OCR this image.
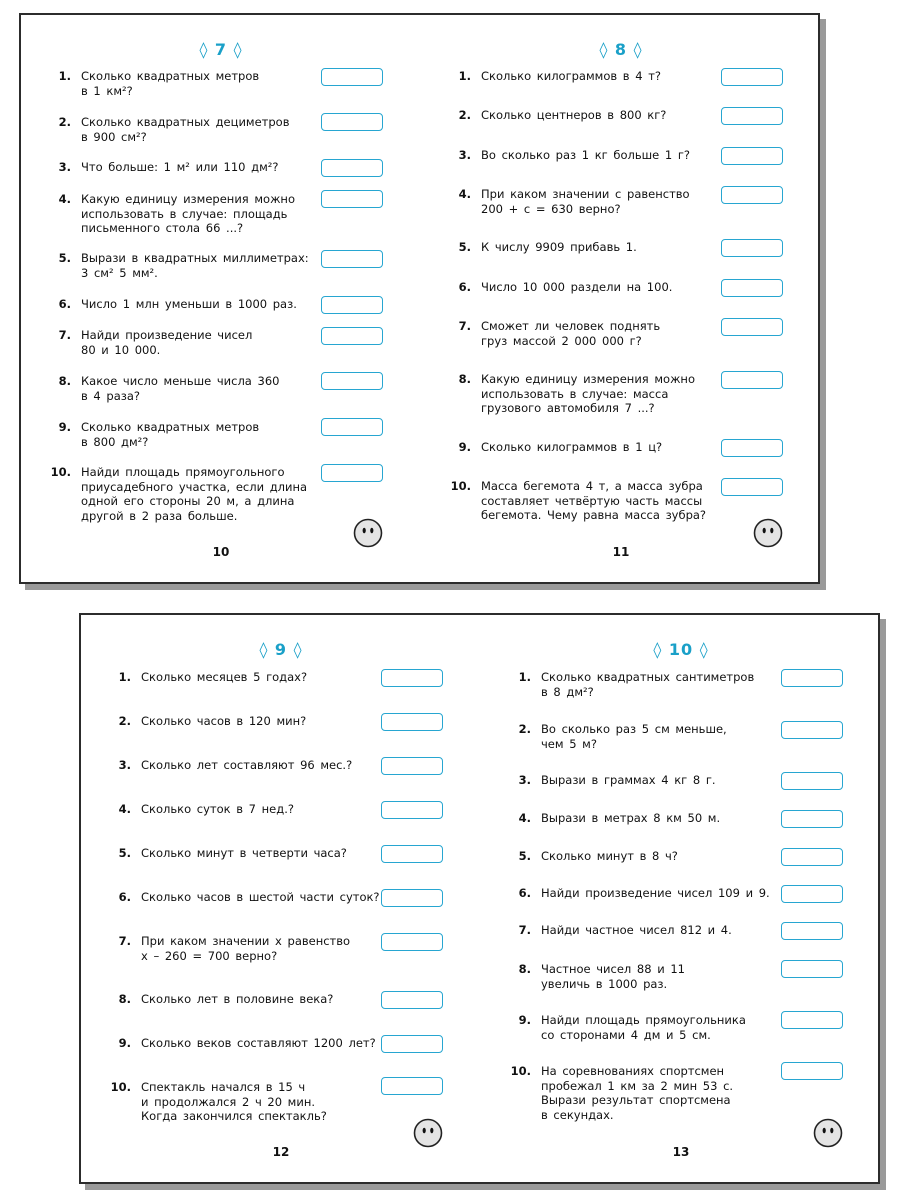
◊ 7 ◊
1. Сколько квадратных метров
в 1 км²?
2. Сколько квадратных дециметров
в 900 см²?
3. Что больше: 1 м² или 110 дм²?
4. Какую единицу измерения можно
использовать в случае: площадь
письменного стола 66 ...?
5. Вырази в квадратных миллиметрах:
3 см² 5 мм².
6. Число 1 млн уменьши в 1000 раз.
7. Найди произведение чисел
80 и 10 000.
8. Какое число меньше числа 360
в 4 раза?
9. Сколько квадратных метров
в 800 дм²?
10. Найди площадь прямоугольного
приусадебного участка, если длина
одной его стороны 20 м, а длина
другой в 2 раза больше.
10
◊ 8 ◊
1. Сколько килограммов в 4 т?
2. Сколько центнеров в 800 кг?
3. Во сколько раз 1 кг больше 1 г?
4. При каком значении с равенство
200 + с = 630 верно?
5. К числу 9909 прибавь 1.
6. Число 10 000 раздели на 100.
7. Сможет ли человек поднять
груз массой 2 000 000 г?
8. Какую единицу измерения можно
использовать в случае: масса
грузового автомобиля 7 ...?
9. Сколько килограммов в 1 ц?
10. Масса бегемота 4 т, а масса зубра
составляет четвёртую часть массы
бегемота. Чему равна масса зубра?
11
◊ 9 ◊
1. Сколько месяцев 5 годах?
2. Сколько часов в 120 мин?
3. Сколько лет составляют 96 мес.?
4. Сколько суток в 7 нед.?
5. Сколько минут в четверти часа?
6. Сколько часов в шестой части суток?
7. При каком значении х равенство
х – 260 = 700 верно?
8. Сколько лет в половине века?
9. Сколько веков составляют 1200 лет?
10. Спектакль начался в 15 ч
и продолжался 2 ч 20 мин.
Когда закончился спектакль?
12
◊ 10 ◊
1. Сколько квадратных сантиметров
в 8 дм²?
2. Во сколько раз 5 см меньше,
чем 5 м?
3. Вырази в граммах 4 кг 8 г.
4. Вырази в метрах 8 км 50 м.
5. Сколько минут в 8 ч?
6. Найди произведение чисел 109 и 9.
7. Найди частное чисел 812 и 4.
8. Частное чисел 88 и 11
увеличь в 1000 раз.
9. Найди площадь прямоугольника
со сторонами 4 дм и 5 см.
10. На соревнованиях спортсмен
пробежал 1 км за 2 мин 53 с.
Вырази результат спортсмена
в секундах.
13
